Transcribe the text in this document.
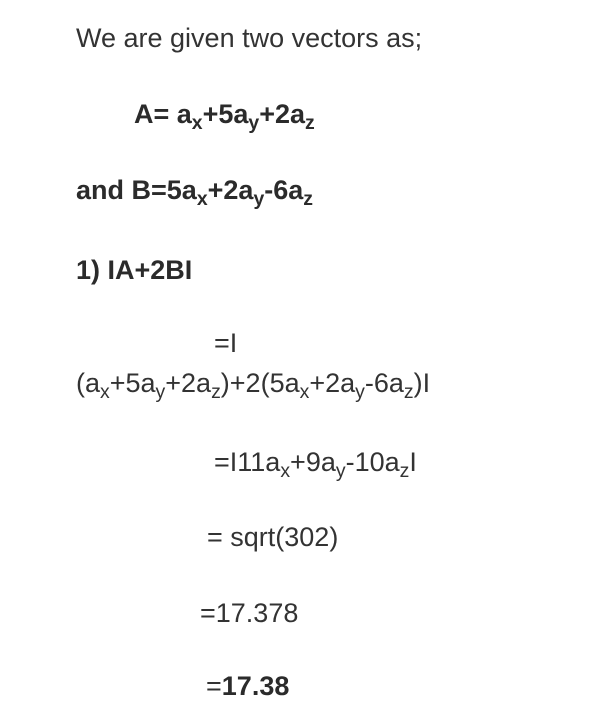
We are given two vectors as;
$A= a_x+5a_y+2a_z$
and $B=5a_x+2a_y-6a_z$
1) IA+2BI
=I
$(a_x+5a_y+2a_z)+2(5a_x+2a_y-6a_z)I$
$=I11a_x+9a_y-10a_zI$
= sqrt(302)
=17.378
=17.38
